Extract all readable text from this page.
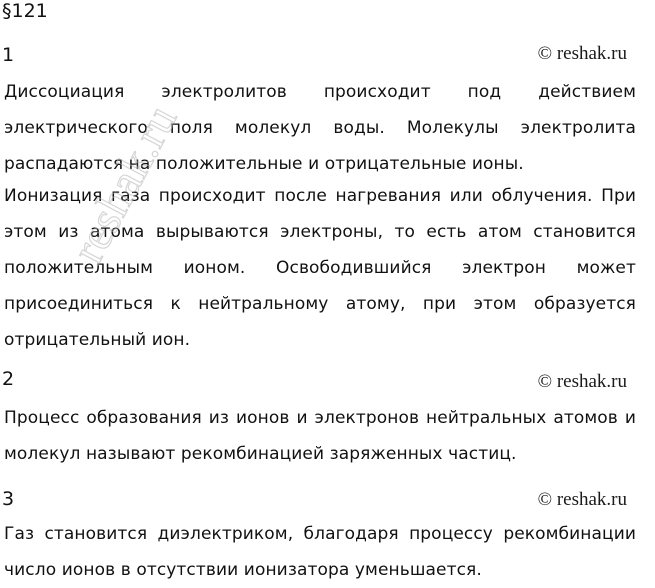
§121
1	© reshak.ru
Диссоциация электролитов происходит под действием электрического поля молекул воды. Молекулы электролита распадаются на положительные и отрицательные ионы.
Ионизация газа происходит после нагревания или облучения. При этом из атома вырываются электроны, то есть атом становится положительным ионом. Освободившийся электрон может присоединиться к нейтральному атому, при этом образуется отрицательный ион.
2	© reshak.ru
Процесс образования из ионов и электронов нейтральных атомов и молекул называют рекомбинацией заряженных частиц.
3	© reshak.ru
Газ становится диэлектриком, благодаря процессу рекомбинации число ионов в отсутствии ионизатора уменьшается.
reshak.ru
